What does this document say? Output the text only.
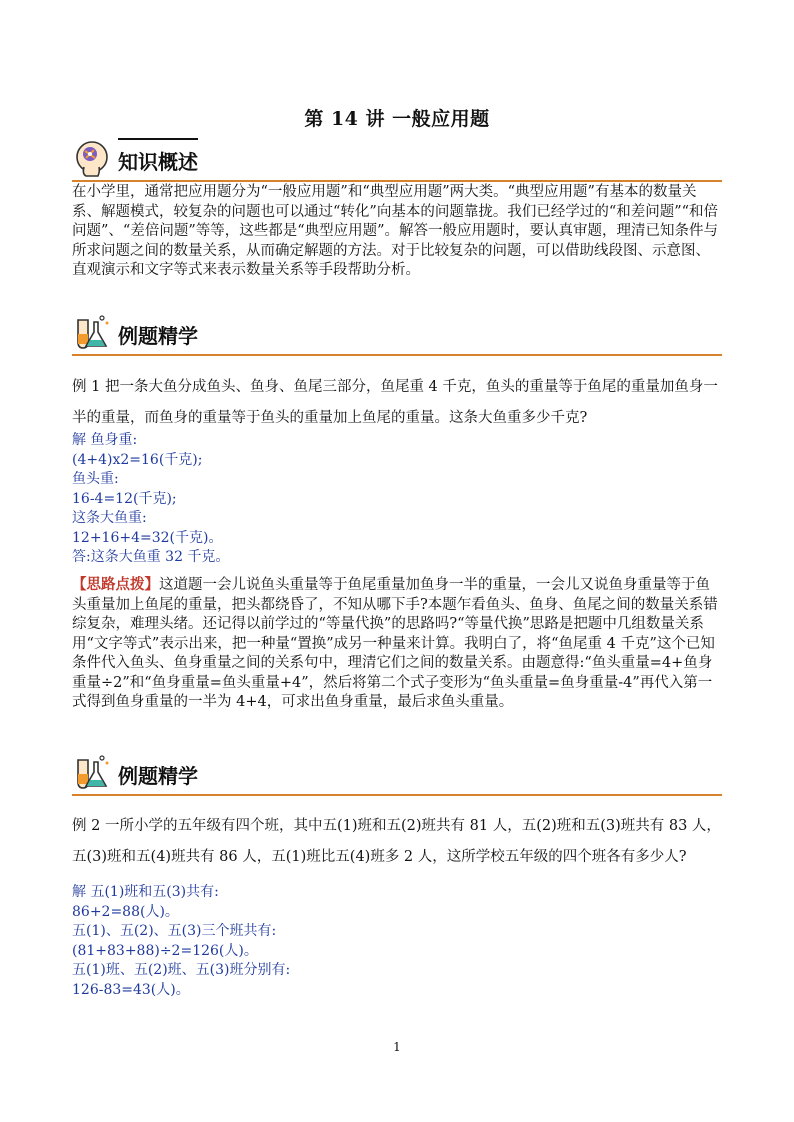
第 14 讲 一般应用题
知识概述
在小学里，通常把应用题分为“一般应用题”和“典型应用题”两大类。“典型应用题”有基本的数量关系、解题模式，较复杂的问题也可以通过“转化”向基本的问题靠拢。我们已经学过的“和差问题”“和倍问题”、“差倍问题”等等，这些都是“典型应用题”。解答一般应用题时，要认真审题，理清已知条件与所求问题之间的数量关系，从而确定解题的方法。对于比较复杂的问题，可以借助线段图、示意图、直观演示和文字等式来表示数量关系等手段帮助分析。
例题精学
例 1 把一条大鱼分成鱼头、鱼身、鱼尾三部分，鱼尾重 4 千克，鱼头的重量等于鱼尾的重量加鱼身一半的重量，而鱼身的重量等于鱼头的重量加上鱼尾的重量。这条大鱼重多少千克?
解 鱼身重:
(4+4)x2=16(千克);
鱼头重:
16-4=12(千克);
这条大鱼重:
12+16+4=32(千克)。
答:这条大鱼重 32 千克。
【思路点拨】这道题一会儿说鱼头重量等于鱼尾重量加鱼身一半的重量，一会儿又说鱼身重量等于鱼头重量加上鱼尾的重量，把头都绕昏了，不知从哪下手?本题乍看鱼头、鱼身、鱼尾之间的数量关系错综复杂，难理头绪。还记得以前学过的“等量代换”的思路吗?“等量代换”思路是把题中几组数量关系用“文字等式”表示出来，把一种量“置换”成另一种量来计算。我明白了，将“鱼尾重 4 千克”这个已知条件代入鱼头、鱼身重量之间的关系句中，理清它们之间的数量关系。由题意得:“鱼头重量=4+鱼身重量÷2”和“鱼身重量=鱼头重量+4”，然后将第二个式子变形为“鱼头重量=鱼身重量-4”再代入第一式得到鱼身重量的一半为 4+4，可求出鱼身重量，最后求鱼头重量。
例题精学
例 2 一所小学的五年级有四个班，其中五(1)班和五(2)班共有 81 人，五(2)班和五(3)班共有 83 人，五(3)班和五(4)班共有 86 人，五(1)班比五(4)班多 2 人，这所学校五年级的四个班各有多少人?
解 五(1)班和五(3)共有:
86+2=88(人)。
五(1)、五(2)、五(3)三个班共有:
(81+83+88)÷2=126(人)。
五(1)班、五(2)班、五(3)班分别有:
126-83=43(人)。
1
